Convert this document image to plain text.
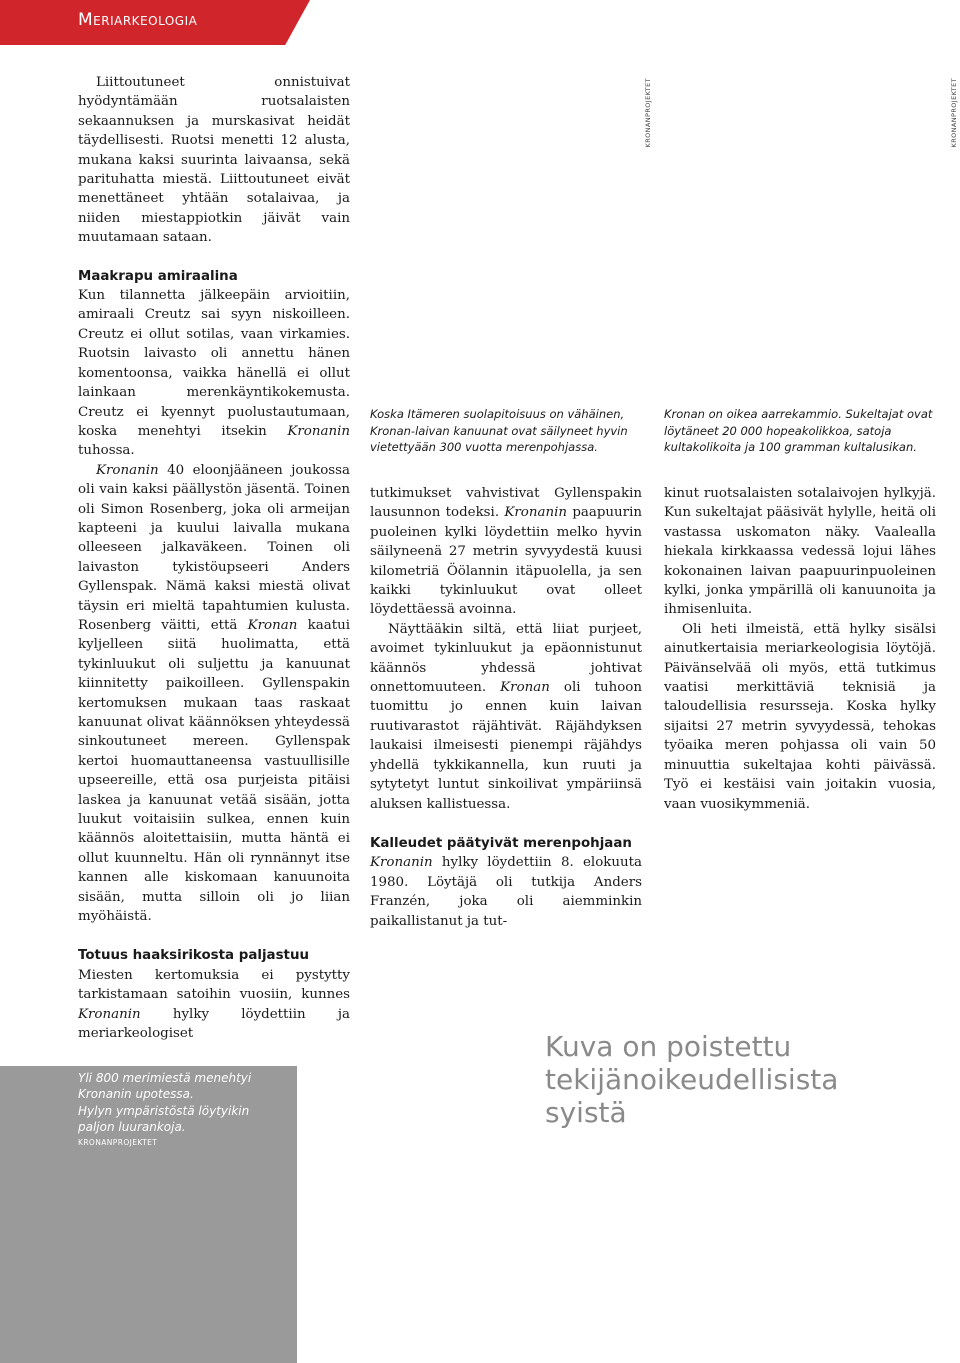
Meriarkeologia

Liittoutuneet onnistuivat hyödyntämään ruotsalaisten sekaannuksen ja murskasivat heidät täydellisesti. Ruotsi menetti 12 alusta, mukana kaksi suurinta laivaansa, sekä parituhatta miestä. Liittoutuneet eivät menettäneet yhtään sotalaivaa, ja niiden miestappiotkin jäivät vain muutamaan sataan.

Maakrapu amiraalina

Kun tilannetta jälkeepäin arvioitiin, amiraali Creutz sai syyn niskoilleen. Creutz ei ollut sotilas, vaan virkamies. Ruotsin laivasto oli annettu hänen komentoonsa, vaikka hänellä ei ollut lainkaan merenkäyntikokemusta. Creutz ei kyennyt puolustautumaan, koska menehtyi itsekin Kronanin tuhossa.

Kronanin 40 eloonjääneen joukossa oli vain kaksi päällystön jäsentä. Toinen oli Simon Rosenberg, joka oli armeijan kapteeni ja kuului laivalla mukana olleeseen jalkaväkeen. Toinen oli laivaston tykistöupseeri Anders Gyllenspak. Nämä kaksi miestä olivat täysin eri mieltä tapahtumien kulusta. Rosenberg väitti, että Kronan kaatui kyljelleen siitä huolimatta, että tykinluukut oli suljettu ja kanuunat kiinnitetty paikoilleen. Gyllenspakin kertomuksen mukaan taas raskaat kanuunat olivat käännöksen yhteydessä sinkoutuneet mereen. Gyllenspak kertoi huomauttaneensa vastuullisille upseereille, että osa purjeista pitäisi laskea ja kanuunat vetää sisään, jotta luukut voitaisiin sulkea, ennen kuin käännös aloitettaisiin, mutta häntä ei ollut kuunneltu. Hän oli rynnännyt itse kannen alle kiskomaan kanuunoita sisään, mutta silloin oli jo liian myöhäistä.

Totuus haaksirikosta paljastuu

Miesten kertomuksia ei pystytty tarkistamaan satoihin vuosiin, kunnes Kronanin hylky löydettiin ja meriarkeologiset

KRONANPROJEKTET
Koska Itämeren suolapitoisuus on vähäinen, Kronan-laivan kanuunat ovat säilyneet hyvin vietettyään 300 vuotta merenpohjassa.

tutkimukset vahvistivat Gyllenspakin lausunnon todeksi. Kronanin paapuurin puoleinen kylki löydettiin melko hyvin säilyneenä 27 metrin syvyydestä kuusi kilometriä Öölannin itäpuolella, ja sen kaikki tykinluukut ovat olleet löydettäessä avoinna.

Näyttääkin siltä, että liiat purjeet, avoimet tykinluukut ja epäonnistunut käännös yhdessä johtivat onnettomuuteen. Kronan oli tuhoon tuomittu jo ennen kuin laivan ruutivarastot räjähtivät. Räjähdyksen laukaisi ilmeisesti pienempi räjähdys yhdellä tykkikannella, kun ruuti ja sytytetyt luntut sinkoilivat ympäriinsä aluksen kallistuessa.

Kalleudet päätyivät merenpohjaan

Kronanin hylky löydettiin 8. elokuuta 1980. Löytäjä oli tutkija Anders Franzén, joka oli aiemminkin paikallistanut ja tut-

KRONANPROJEKTET
Kronan on oikea aarrekammio. Sukeltajat ovat löytäneet 20 000 hopeakolikkoa, satoja kultakolikoita ja 100 gramman kultalusikan.

kinut ruotsalaisten sotalaivojen hylkyjä. Kun sukeltajat pääsivät hylylle, heitä oli vastassa uskomaton näky. Vaalealla hiekala kirkkaassa vedessä lojui lähes kokonainen laivan paapuurinpuoleinen kylki, jonka ympärillä oli kanuunoita ja ihmisenluita.

Oli heti ilmeistä, että hylky sisälsi ainutkertaisia meriarkeologisia löytöjä. Päivänselvää oli myös, että tutkimus vaatisi merkittäviä teknisiä ja taloudellisia resursseja. Koska hylky sijaitsi 27 metrin syvyydessä, tehokas työaika meren pohjassa oli vain 50 minuuttia sukeltajaa kohti päivässä. Työ ei kestäisi vain joitakin vuosia, vaan vuosikymmeniä.

Yli 800 merimiestä menehtyi
Kronanin upotessa.
Hylyn ympäristöstä löytyikin
paljon luurankoja.
KRONANPROJEKTET
Kuva on poistettu tekijänoikeudellisista syistä
